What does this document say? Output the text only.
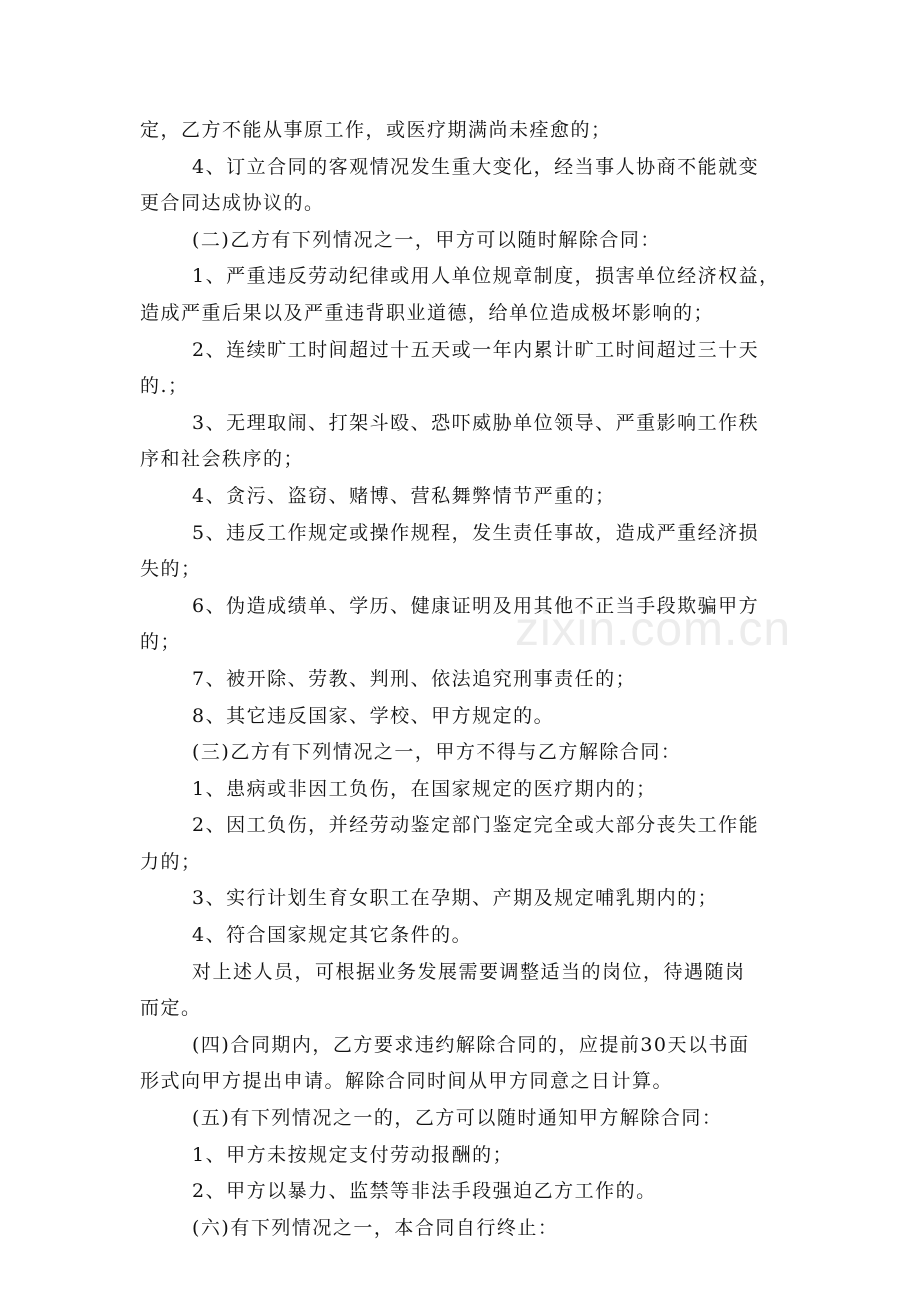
zixin.com.cn
定，乙方不能从事原工作，或医疗期满尚未痊愈的；
4、订立合同的客观情况发生重大变化，经当事人协商不能就变
更合同达成协议的。
(二)乙方有下列情况之一，甲方可以随时解除合同：
1、严重违反劳动纪律或用人单位规章制度，损害单位经济权益，
造成严重后果以及严重违背职业道德，给单位造成极坏影响的；
2、连续旷工时间超过十五天或一年内累计旷工时间超过三十天
的.；
3、无理取闹、打架斗殴、恐吓威胁单位领导、严重影响工作秩
序和社会秩序的；
4、贪污、盗窃、赌博、营私舞弊情节严重的；
5、违反工作规定或操作规程，发生责任事故，造成严重经济损
失的；
6、伪造成绩单、学历、健康证明及用其他不正当手段欺骗甲方
的；
7、被开除、劳教、判刑、依法追究刑事责任的；
8、其它违反国家、学校、甲方规定的。
(三)乙方有下列情况之一，甲方不得与乙方解除合同：
1、患病或非因工负伤，在国家规定的医疗期内的；
2、因工负伤，并经劳动鉴定部门鉴定完全或大部分丧失工作能
力的；
3、实行计划生育女职工在孕期、产期及规定哺乳期内的；
4、符合国家规定其它条件的。
对上述人员，可根据业务发展需要调整适当的岗位，待遇随岗
而定。
(四)合同期内，乙方要求违约解除合同的，应提前30天以书面
形式向甲方提出申请。解除合同时间从甲方同意之日计算。
(五)有下列情况之一的，乙方可以随时通知甲方解除合同：
1、甲方未按规定支付劳动报酬的；
2、甲方以暴力、监禁等非法手段强迫乙方工作的。
(六)有下列情况之一，本合同自行终止：
